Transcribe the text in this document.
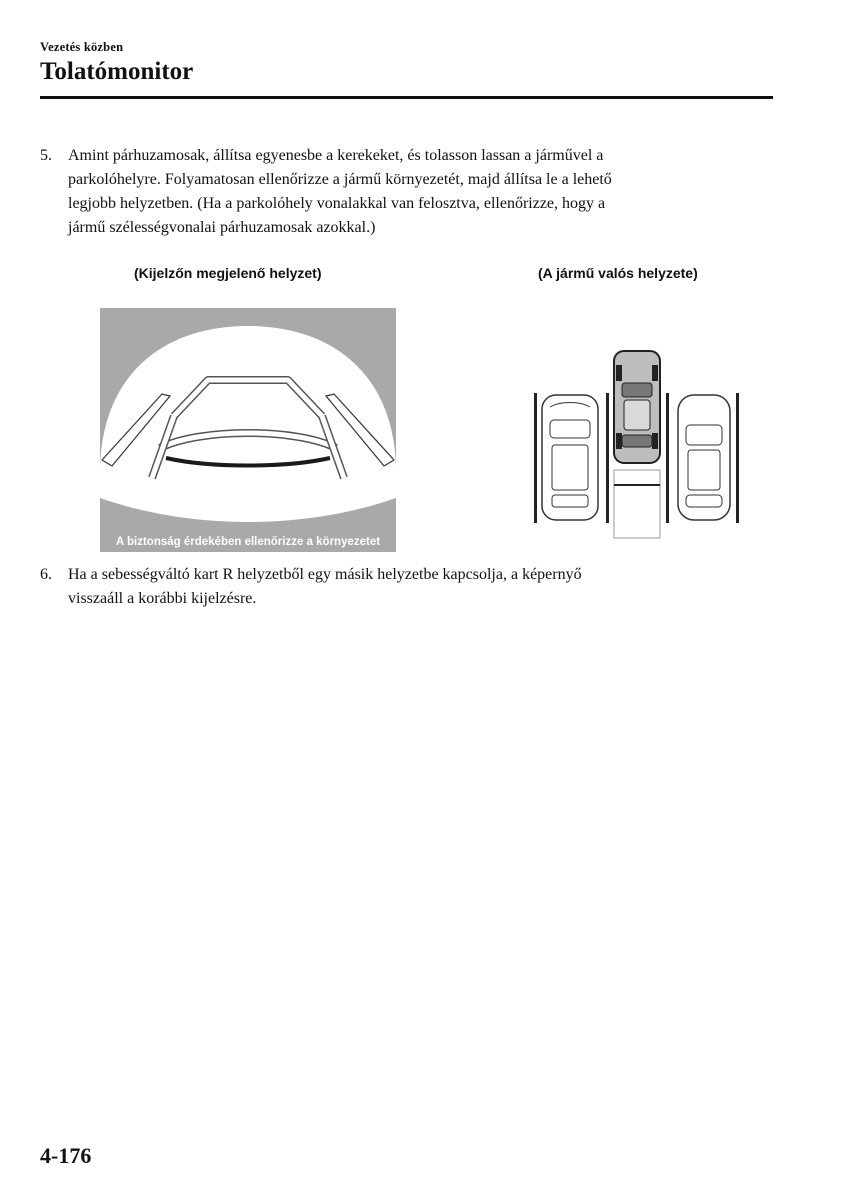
Vezetés közben
Tolatómonitor
5. Amint párhuzamosak, állítsa egyenesbe a kerekeket, és tolasson lassan a járművel a
parkolóhelyre. Folyamatosan ellenőrizze a jármű környezetét, majd állítsa le a lehető
legjobb helyzetben. (Ha a parkolóhely vonalakkal van felosztva, ellenőrizze, hogy a
jármű szélességvonalai párhuzamosak azokkal.)
(Kijelzőn megjelenő helyzet)	(A jármű valós helyzete)
A biztonság érdekében ellenőrizze a környezetet
6. Ha a sebességváltó kart R helyzetből egy másik helyzetbe kapcsolja, a képernyő
visszaáll a korábbi kijelzésre.
4-176
